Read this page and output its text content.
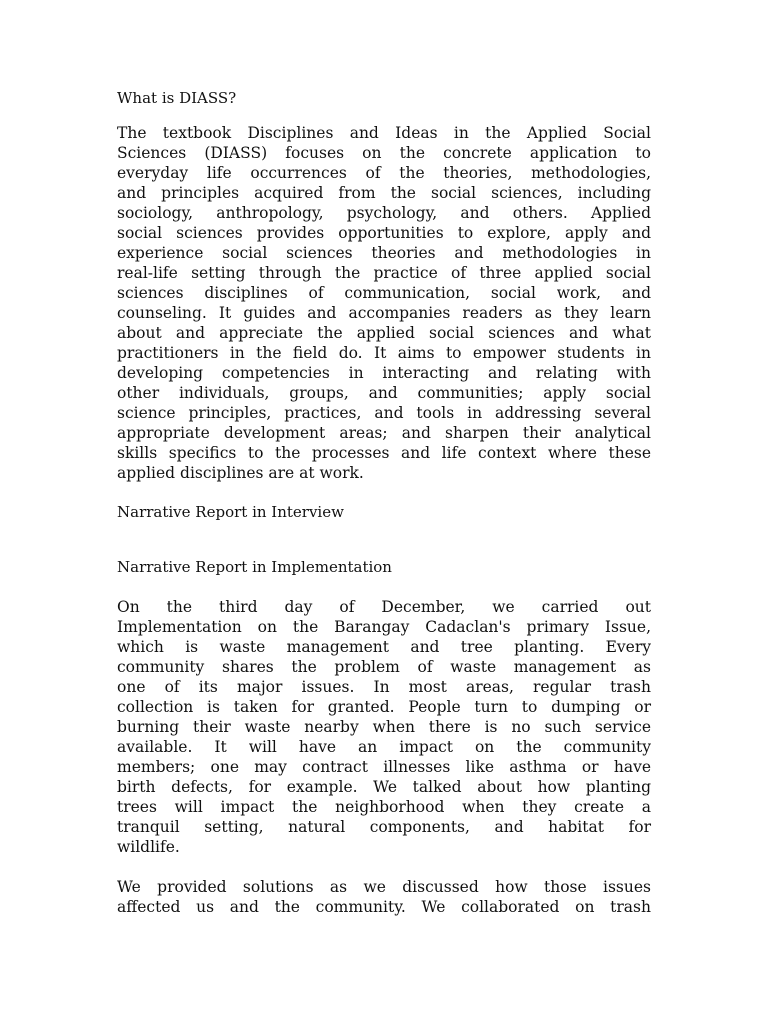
What is DIASS?
The textbook Disciplines and Ideas in the Applied Social
Sciences (DIASS) focuses on the concrete application to
everyday life occurrences of the theories, methodologies,
and principles acquired from the social sciences, including
sociology, anthropology, psychology, and others. Applied
social sciences provides opportunities to explore, apply and
experience social sciences theories and methodologies in
real-life setting through the practice of three applied social
sciences disciplines of communication, social work, and
counseling. It guides and accompanies readers as they learn
about and appreciate the applied social sciences and what
practitioners in the field do. It aims to empower students in
developing competencies in interacting and relating with
other individuals, groups, and communities; apply social
science principles, practices, and tools in addressing several
appropriate development areas; and sharpen their analytical
skills specifics to the processes and life context where these
applied disciplines are at work.
Narrative Report in Interview
Narrative Report in Implementation
On the third day of December, we carried out
Implementation on the Barangay Cadaclan's primary Issue,
which is waste management and tree planting. Every
community shares the problem of waste management as
one of its major issues. In most areas, regular trash
collection is taken for granted. People turn to dumping or
burning their waste nearby when there is no such service
available. It will have an impact on the community
members; one may contract illnesses like asthma or have
birth defects, for example. We talked about how planting
trees will impact the neighborhood when they create a
tranquil setting, natural components, and habitat for
wildlife.
We provided solutions as we discussed how those issues
affected us and the community. We collaborated on trash
